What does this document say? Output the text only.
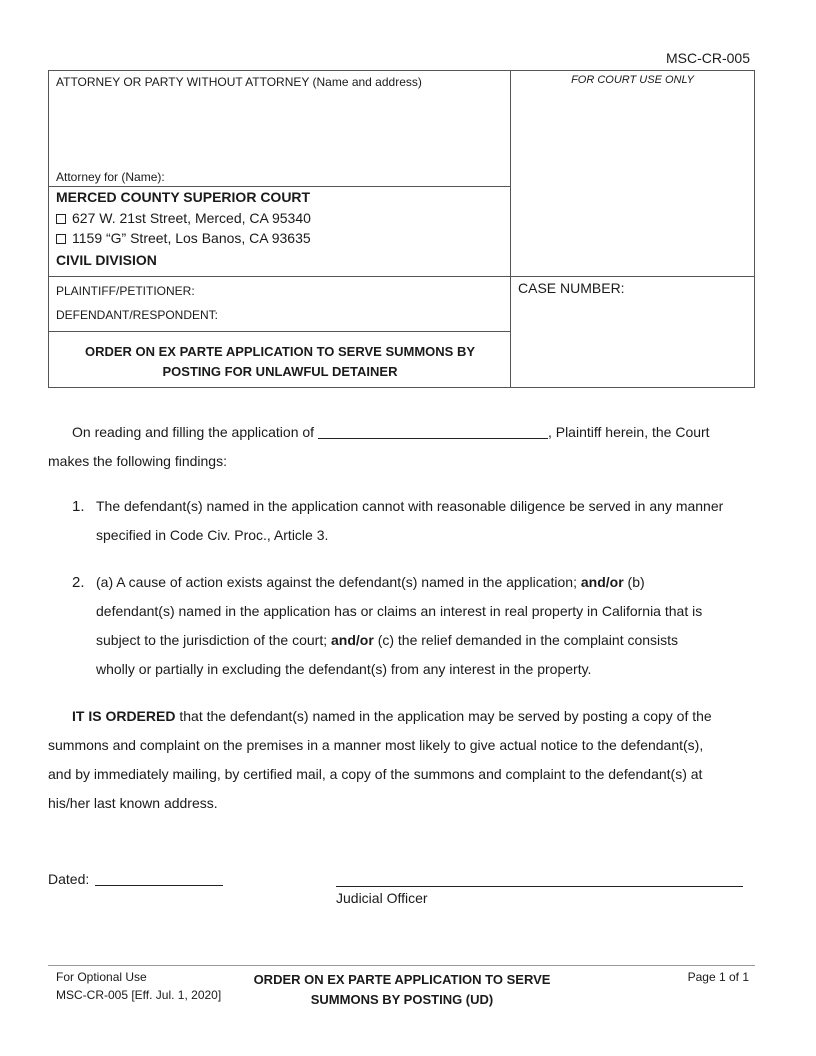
MSC-CR-005
ATTORNEY OR PARTY WITHOUT ATTORNEY (Name and address)
Attorney for (Name):
FOR COURT USE ONLY
MERCED COUNTY SUPERIOR COURT
627 W. 21st Street, Merced, CA 95340
1159 “G” Street, Los Banos, CA 93635
CIVIL DIVISION
PLAINTIFF/PETITIONER:
DEFENDANT/RESPONDENT:
CASE NUMBER:
ORDER ON EX PARTE APPLICATION TO SERVE SUMMONS BY
POSTING FOR UNLAWFUL DETAINER
On reading and filling the application of	, Plaintiff herein, the Court
makes the following findings:
1. The defendant(s) named in the application cannot with reasonable diligence be served in any manner
specified in Code Civ. Proc., Article 3.
2. (a) A cause of action exists against the defendant(s) named in the application; and/or (b)
defendant(s) named in the application has or claims an interest in real property in California that is
subject to the jurisdiction of the court; and/or (c) the relief demanded in the complaint consists
wholly or partially in excluding the defendant(s) from any interest in the property.
IT IS ORDERED that the defendant(s) named in the application may be served by posting a copy of the
summons and complaint on the premises in a manner most likely to give actual notice to the defendant(s),
and by immediately mailing, by certified mail, a copy of the summons and complaint to the defendant(s) at
his/her last known address.
Dated:
Judicial Officer
For Optional Use
MSC-CR-005 [Eff. Jul. 1, 2020]
ORDER ON EX PARTE APPLICATION TO SERVE
SUMMONS BY POSTING (UD)
Page 1 of 1
